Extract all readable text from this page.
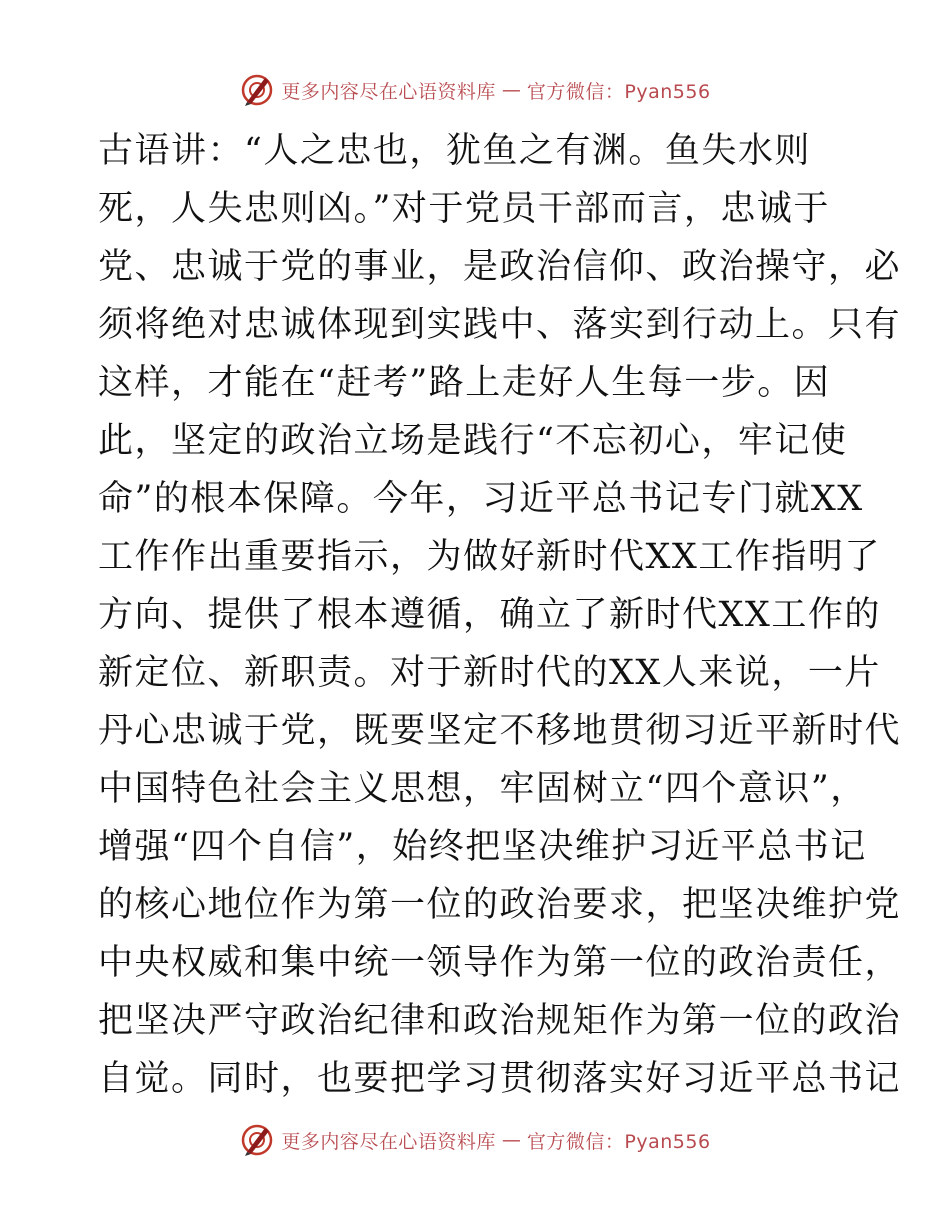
更多内容尽在心语资料库 — 官方微信：Pyan556
古语讲：“人之忠也，犹鱼之有渊。鱼失水则
死，人失忠则凶。”对于党员干部而言，忠诚于
党、忠诚于党的事业，是政治信仰、政治操守，必
须将绝对忠诚体现到实践中、落实到行动上。只有
这样，才能在“赶考”路上走好人生每一步。因
此，坚定的政治立场是践行“不忘初心，牢记使
命”的根本保障。今年，习近平总书记专门就XX
工作作出重要指示，为做好新时代XX工作指明了
方向、提供了根本遵循，确立了新时代XX工作的
新定位、新职责。对于新时代的XX人来说，一片
丹心忠诚于党，既要坚定不移地贯彻习近平新时代
中国特色社会主义思想，牢固树立“四个意识”，
增强“四个自信”，始终把坚决维护习近平总书记
的核心地位作为第一位的政治要求，把坚决维护党
中央权威和集中统一领导作为第一位的政治责任，
把坚决严守政治纪律和政治规矩作为第一位的政治
自觉。同时，也要把学习贯彻落实好习近平总书记
更多内容尽在心语资料库 — 官方微信：Pyan556
